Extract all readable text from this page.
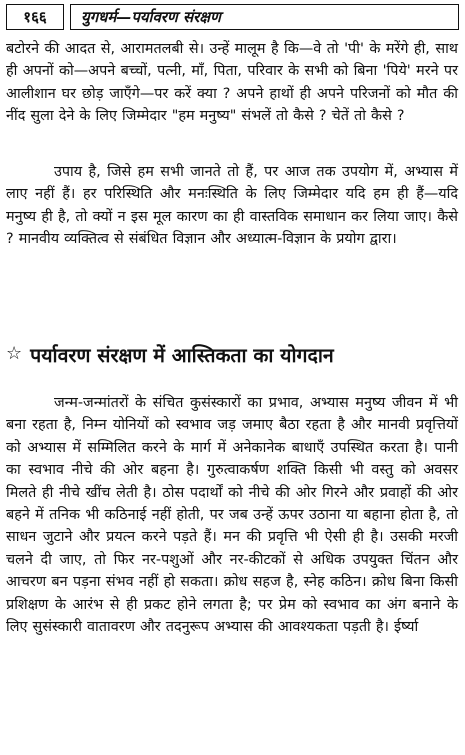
१६६	युगधर्म—पर्यावरण संरक्षण
बटोरने की आदत से, आरामतलबी से। उन्हें मालूम है कि—वे तो 'पी' के मरेंगे ही, साथ ही अपनों को—अपने बच्चों, पत्नी, माँ, पिता, परिवार के सभी को बिना 'पिये' मरने पर आलीशान घर छोड़ जाएँगे—पर करें क्या ? अपने हाथों ही अपने परिजनों को मौत की नींद सुला देने के लिए जिम्मेदार "हम मनुष्य" संभलें तो कैसे ? चेतें तो कैसे ?
उपाय है, जिसे हम सभी जानते तो हैं, पर आज तक उपयोग में, अभ्यास में लाए नहीं हैं। हर परिस्थिति और मनःस्थिति के लिए जिम्मेदार यदि हम ही हैं—यदि मनुष्य ही है, तो क्यों न इस मूल कारण का ही वास्तविक समाधान कर लिया जाए। कैसे ? मानवीय व्यक्तित्व से संबंधित विज्ञान और अध्यात्म-विज्ञान के प्रयोग द्वारा।
☆ पर्यावरण संरक्षण में आस्तिकता का योगदान
जन्म-जन्मांतरों के संचित कुसंस्कारों का प्रभाव, अभ्यास मनुष्य जीवन में भी बना रहता है, निम्न योनियों को स्वभाव जड़ जमाए बैठा रहता है और मानवी प्रवृत्तियों को अभ्यास में सम्मिलित करने के मार्ग में अनेकानेक बाधाएँ उपस्थित करता है। पानी का स्वभाव नीचे की ओर बहना है। गुरुत्वाकर्षण शक्ति किसी भी वस्तु को अवसर मिलते ही नीचे खींच लेती है। ठोस पदार्थों को नीचे की ओर गिरने और प्रवाहों की ओर बहने में तनिक भी कठिनाई नहीं होती, पर जब उन्हें ऊपर उठाना या बहाना होता है, तो साधन जुटाने और प्रयत्न करने पड़ते हैं। मन की प्रवृत्ति भी ऐसी ही है। उसकी मरजी चलने दी जाए, तो फिर नर-पशुओं और नर-कीटकों से अधिक उपयुक्त चिंतन और आचरण बन पड़ना संभव नहीं हो सकता। क्रोध सहज है, स्नेह कठिन। क्रोध बिना किसी प्रशिक्षण के आरंभ से ही प्रकट होने लगता है; पर प्रेम को स्वभाव का अंग बनाने के लिए सुसंस्कारी वातावरण और तदनुरूप अभ्यास की आवश्यकता पड़ती है। ईर्ष्या
